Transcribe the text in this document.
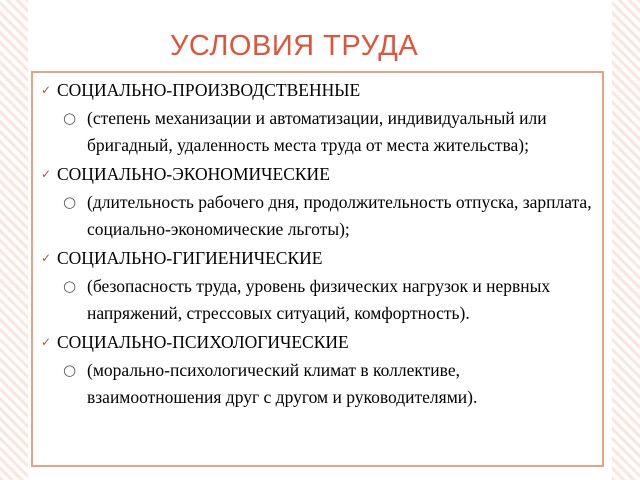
УСЛОВИЯ ТРУДА
✓ СОЦИАЛЬНО-ПРОИЗВОДСТВЕННЫЕ
○ (степень механизации и автоматизации, индивидуальный или бригадный, удаленность места труда от места жительства);
✓ СОЦИАЛЬНО-ЭКОНОМИЧЕСКИЕ
○ (длительность рабочего дня, продолжительность отпуска, зарплата, социально-экономические льготы);
✓ СОЦИАЛЬНО-ГИГИЕНИЧЕСКИЕ
○ (безопасность труда, уровень физических нагрузок и нервных напряжений, стрессовых ситуаций, комфортность).
✓ СОЦИАЛЬНО-ПСИХОЛОГИЧЕСКИЕ
○ (морально-психологический климат в коллективе, взаимоотношения друг с другом и руководителями).
